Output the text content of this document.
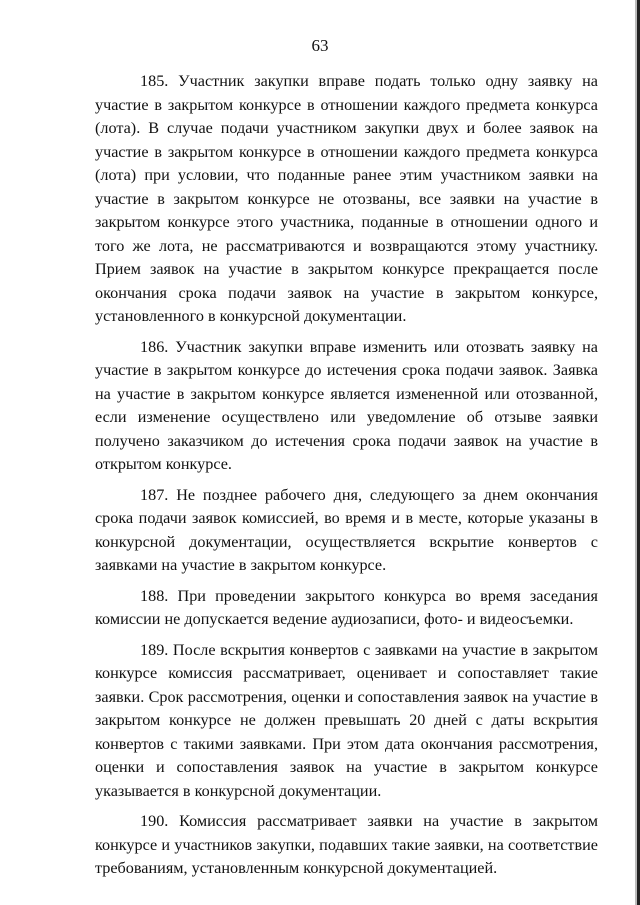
63
185. Участник закупки вправе подать только одну заявку на
участие в закрытом конкурсе в отношении каждого предмета конкурса
(лота). В случае подачи участником закупки двух и более заявок на
участие в закрытом конкурсе в отношении каждого предмета конкурса
(лота) при условии, что поданные ранее этим участником заявки на
участие в закрытом конкурсе не отозваны, все заявки на участие в
закрытом конкурсе этого участника, поданные в отношении одного и
того же лота, не рассматриваются и возвращаются этому участнику.
Прием заявок на участие в закрытом конкурсе прекращается после
окончания срока подачи заявок на участие в закрытом конкурсе,
установленного в конкурсной документации.
186. Участник закупки вправе изменить или отозвать заявку на
участие в закрытом конкурсе до истечения срока подачи заявок. Заявка
на участие в закрытом конкурсе является измененной или отозванной,
если изменение осуществлено или уведомление об отзыве заявки
получено заказчиком до истечения срока подачи заявок на участие в
открытом конкурсе.
187. Не позднее рабочего дня, следующего за днем окончания
срока подачи заявок комиссией, во время и в месте, которые указаны в
конкурсной документации, осуществляется вскрытие конвертов с
заявками на участие в закрытом конкурсе.
188. При проведении закрытого конкурса во время заседания
комиссии не допускается ведение аудиозаписи, фото- и видеосъемки.
189. После вскрытия конвертов с заявками на участие в закрытом
конкурсе комиссия рассматривает, оценивает и сопоставляет такие
заявки. Срок рассмотрения, оценки и сопоставления заявок на участие в
закрытом конкурсе не должен превышать 20 дней с даты вскрытия
конвертов с такими заявками. При этом дата окончания рассмотрения,
оценки и сопоставления заявок на участие в закрытом конкурсе
указывается в конкурсной документации.
190. Комиссия рассматривает заявки на участие в закрытом
конкурсе и участников закупки, подавших такие заявки, на соответствие
требованиям, установленным конкурсной документацией.
